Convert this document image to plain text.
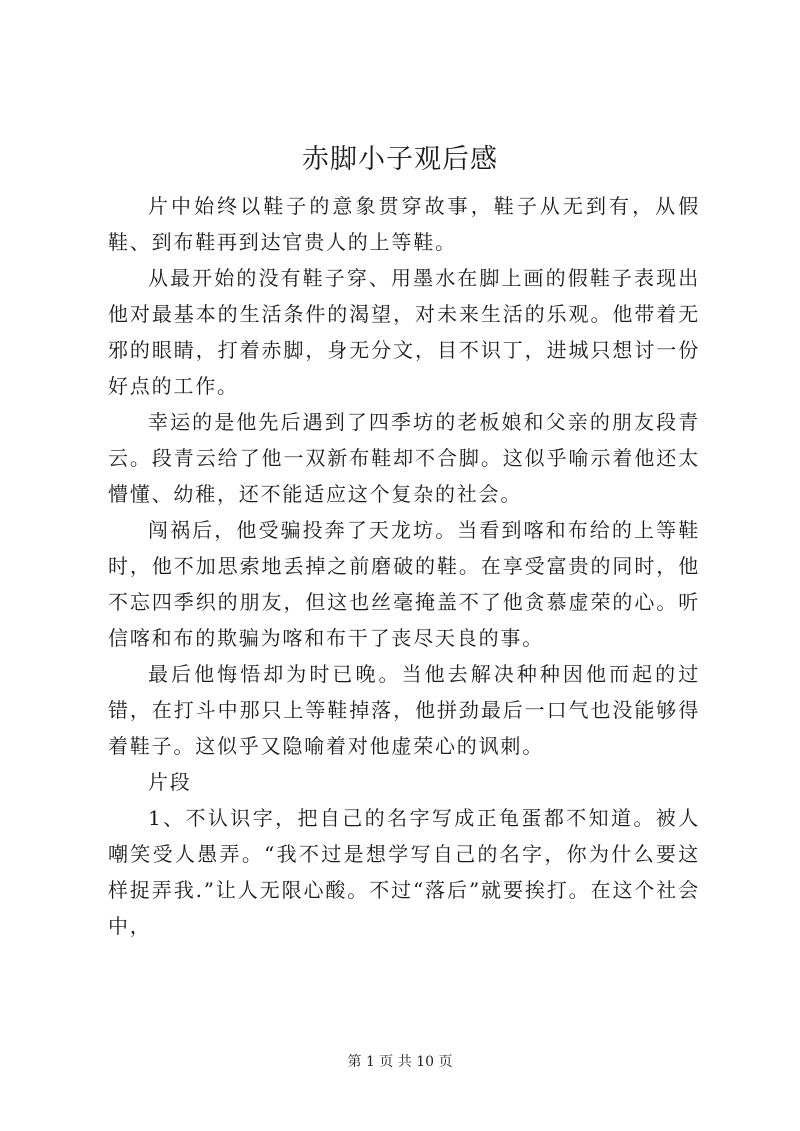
赤脚小子观后感

片中始终以鞋子的意象贯穿故事，鞋子从无到有，从假鞋、到布鞋再到达官贵人的上等鞋。

从最开始的没有鞋子穿、用墨水在脚上画的假鞋子表现出他对最基本的生活条件的渴望，对未来生活的乐观。他带着无邪的眼睛，打着赤脚，身无分文，目不识丁，进城只想讨一份好点的工作。

幸运的是他先后遇到了四季坊的老板娘和父亲的朋友段青云。段青云给了他一双新布鞋却不合脚。这似乎喻示着他还太懵懂、幼稚，还不能适应这个复杂的社会。

闯祸后，他受骗投奔了天龙坊。当看到喀和布给的上等鞋时，他不加思索地丢掉之前磨破的鞋。在享受富贵的同时，他不忘四季织的朋友，但这也丝毫掩盖不了他贪慕虚荣的心。听信喀和布的欺骗为喀和布干了丧尽天良的事。

最后他悔悟却为时已晚。当他去解决种种因他而起的过错，在打斗中那只上等鞋掉落，他拼劲最后一口气也没能够得着鞋子。这似乎又隐喻着对他虚荣心的讽刺。

片段

1、不认识字，把自己的名字写成正龟蛋都不知道。被人嘲笑受人愚弄。“我不过是想学写自己的名字，你为什么要这样捉弄我.”让人无限心酸。不过“落后”就要挨打。在这个社会中，

第 1 页 共 10 页
